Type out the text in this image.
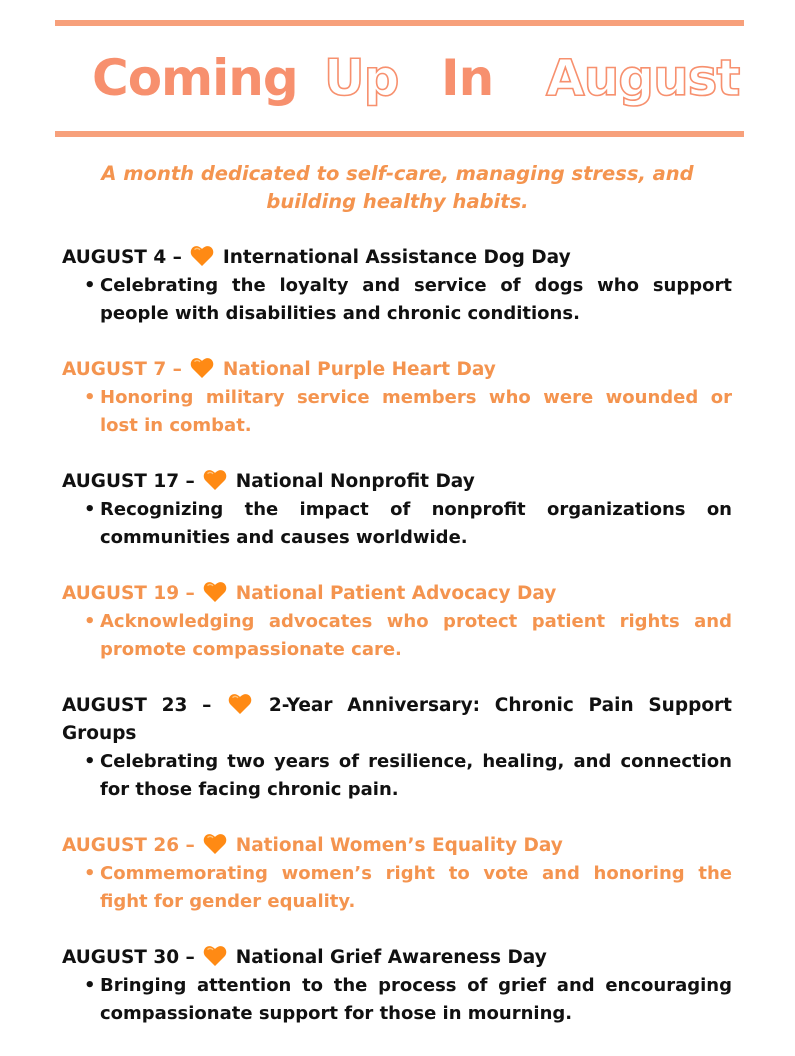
Coming Up In August
A month dedicated to self-care, managing stress, and building healthy habits.
AUGUST 4 – International Assistance Dog Day
• Celebrating the loyalty and service of dogs who support people with disabilities and chronic conditions.
AUGUST 7 – National Purple Heart Day
• Honoring military service members who were wounded or lost in combat.
AUGUST 17 – National Nonprofit Day
• Recognizing the impact of nonprofit organizations on communities and causes worldwide.
AUGUST 19 – National Patient Advocacy Day
• Acknowledging advocates who protect patient rights and promote compassionate care.
AUGUST 23 –	2-Year Anniversary: Chronic Pain Support Groups
• Celebrating two years of resilience, healing, and connection for those facing chronic pain.
AUGUST 26 – National Women’s Equality Day
• Commemorating women’s right to vote and honoring the fight for gender equality.
AUGUST 30 – National Grief Awareness Day
• Bringing attention to the process of grief and encouraging compassionate support for those in mourning.
